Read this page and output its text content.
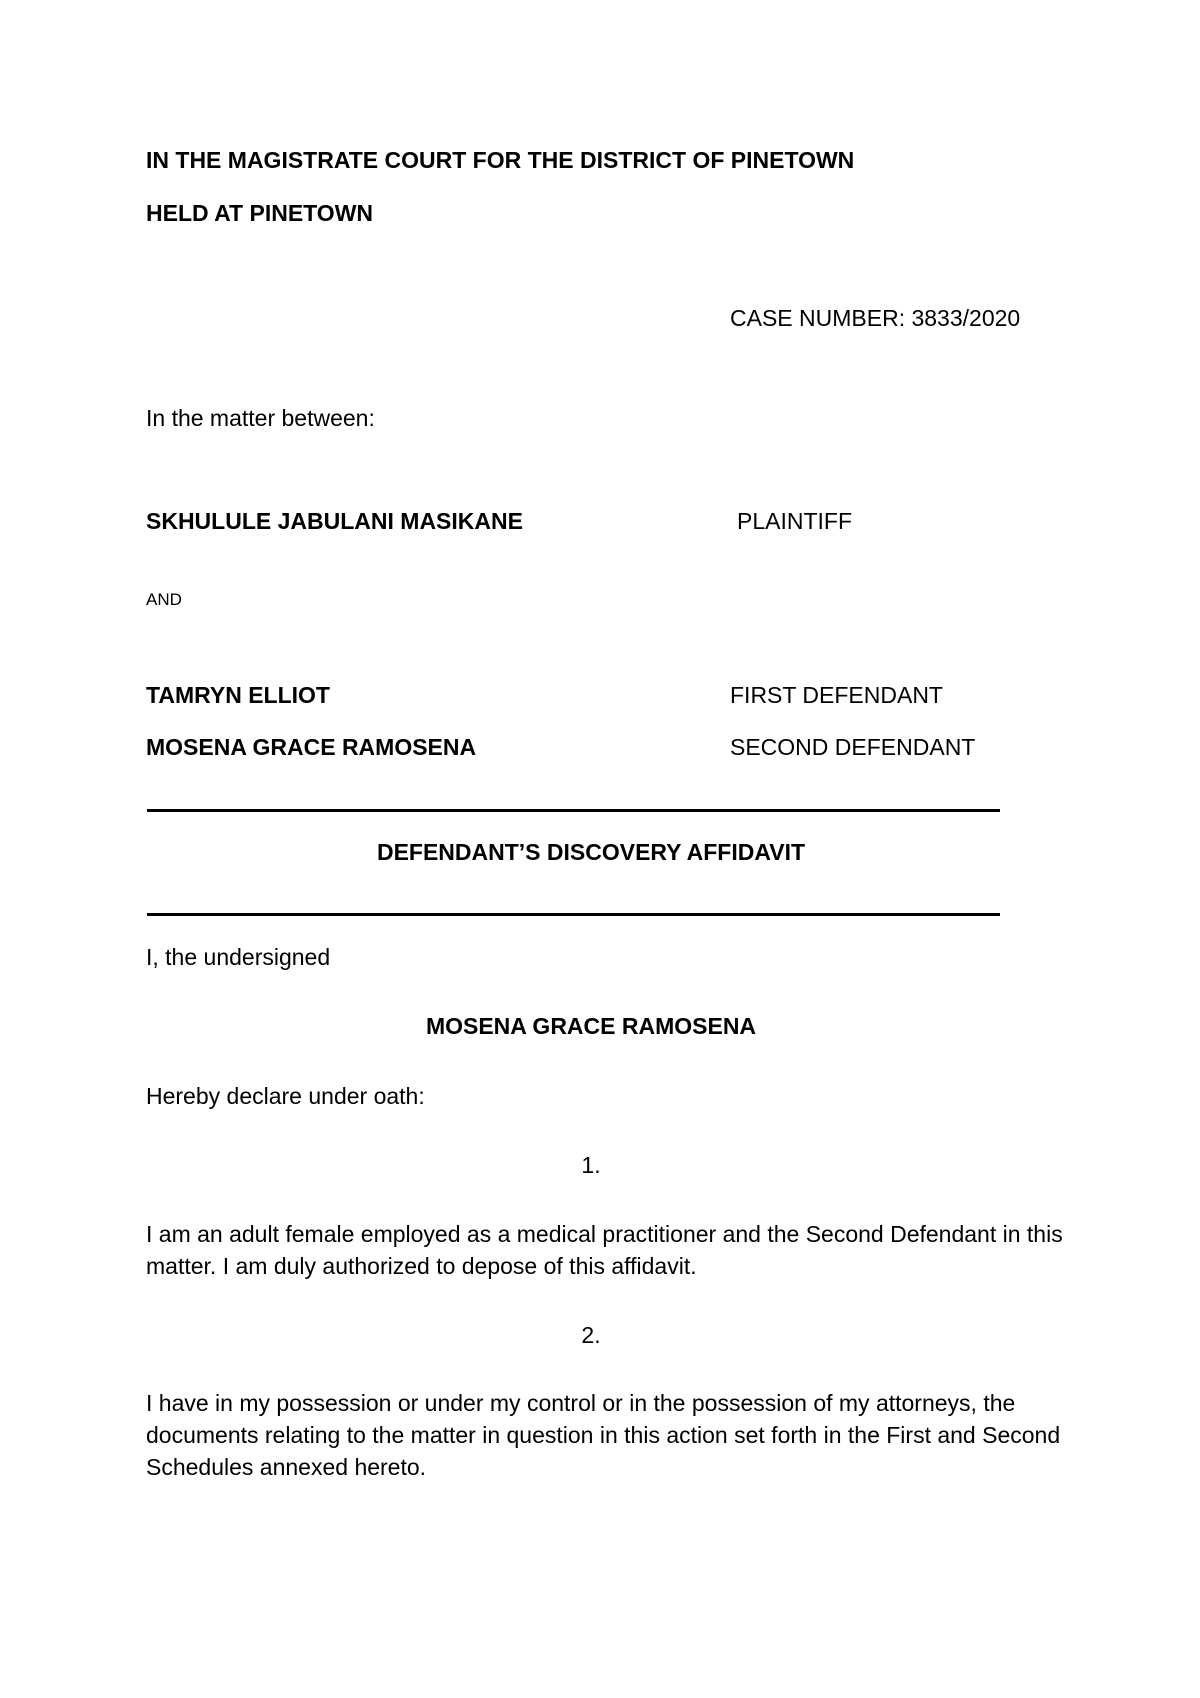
IN THE MAGISTRATE COURT FOR THE DISTRICT OF PINETOWN

HELD AT PINETOWN

CASE NUMBER: 3833/2020

In the matter between:

SKHULULE JABULANI MASIKANE	PLAINTIFF

AND

TAMRYN ELLIOT	FIRST DEFENDANT

MOSENA GRACE RAMOSENA	SECOND DEFENDANT

DEFENDANT’S DISCOVERY AFFIDAVIT

I, the undersigned

MOSENA GRACE RAMOSENA

Hereby declare under oath:

1.

I am an adult female employed as a medical practitioner and the Second Defendant in this matter. I am duly authorized to depose of this affidavit.

2.

I have in my possession or under my control or in the possession of my attorneys, the documents relating to the matter in question in this action set forth in the First and Second Schedules annexed hereto.
